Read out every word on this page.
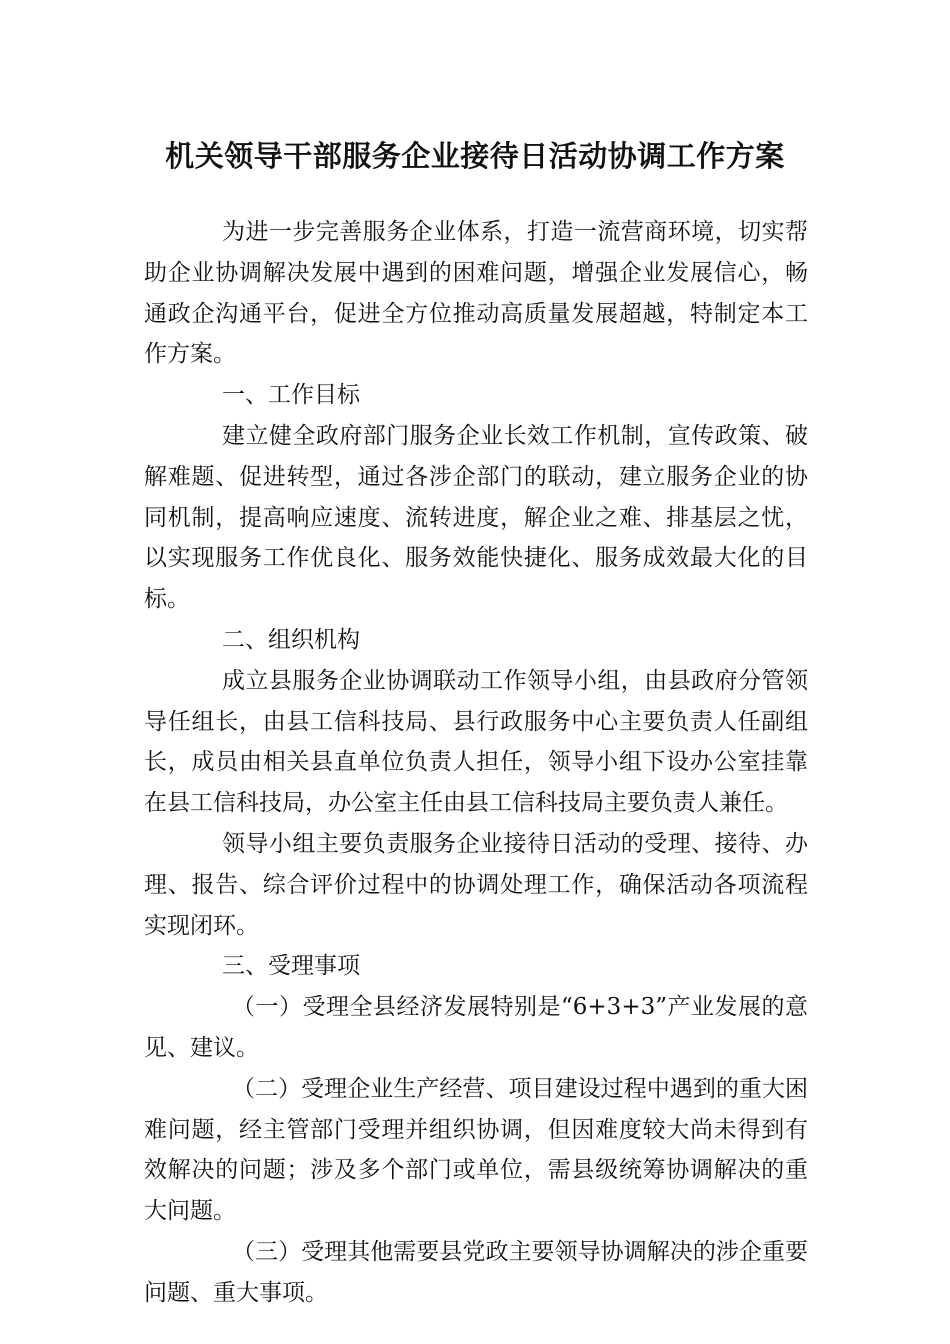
机关领导干部服务企业接待日活动协调工作方案

为进一步完善服务企业体系，打造一流营商环境，切实帮助企业协调解决发展中遇到的困难问题，增强企业发展信心，畅通政企沟通平台，促进全方位推动高质量发展超越，特制定本工作方案。

一、工作目标

建立健全政府部门服务企业长效工作机制，宣传政策、破解难题、促进转型，通过各涉企部门的联动，建立服务企业的协同机制，提高响应速度、流转进度，解企业之难、排基层之忧，以实现服务工作优良化、服务效能快捷化、服务成效最大化的目标。

二、组织机构

成立县服务企业协调联动工作领导小组，由县政府分管领导任组长，由县工信科技局、县行政服务中心主要负责人任副组长，成员由相关县直单位负责人担任，领导小组下设办公室挂靠在县工信科技局，办公室主任由县工信科技局主要负责人兼任。

领导小组主要负责服务企业接待日活动的受理、接待、办理、报告、综合评价过程中的协调处理工作，确保活动各项流程实现闭环。

三、受理事项

（一）受理全县经济发展特别是“6+3+3”产业发展的意见、建议。

（二）受理企业生产经营、项目建设过程中遇到的重大困难问题，经主管部门受理并组织协调，但因难度较大尚未得到有效解决的问题；涉及多个部门或单位，需县级统筹协调解决的重大问题。

（三）受理其他需要县党政主要领导协调解决的涉企重要问题、重大事项。
